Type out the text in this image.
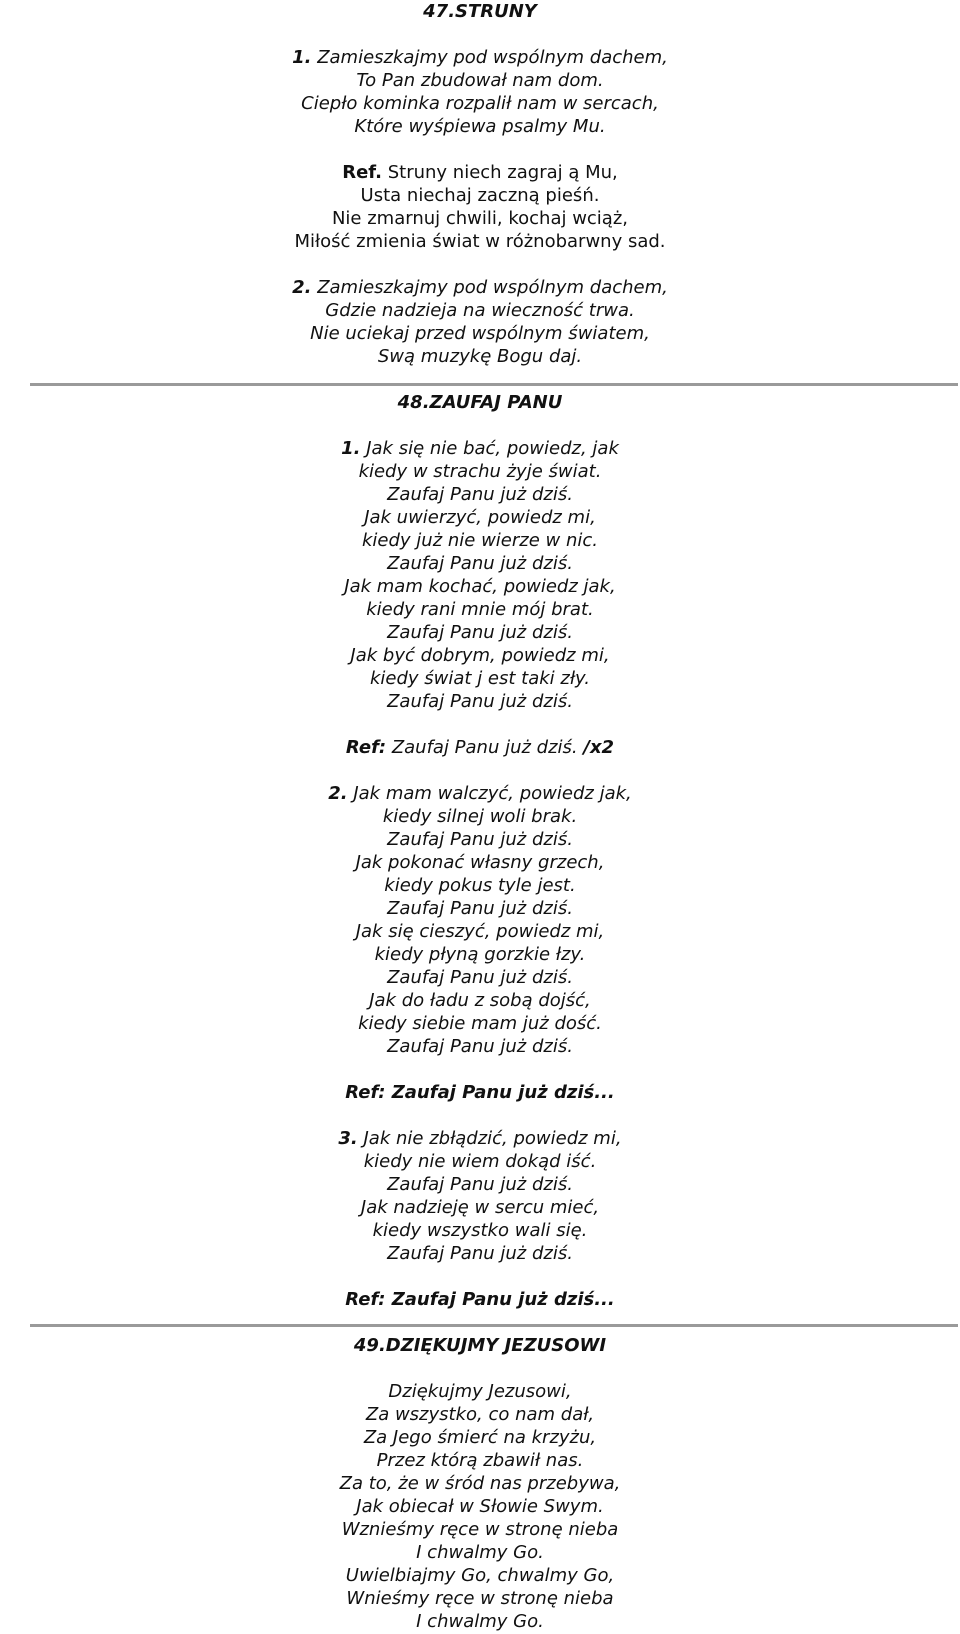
47.STRUNY
1. Zamieszkajmy pod wspólnym dachem,
To Pan zbudował nam dom.
Ciepło kominka rozpalił nam w sercach,
Które wyśpiewa psalmy Mu.
Ref. Struny niech zagraj ą Mu,
Usta niechaj zaczną pieśń.
Nie zmarnuj chwili, kochaj wciąż,
Miłość zmienia świat w różnobarwny sad.
2. Zamieszkajmy pod wspólnym dachem,
Gdzie nadzieja na wieczność trwa.
Nie uciekaj przed wspólnym światem,
Swą muzykę Bogu daj.
48.ZAUFAJ PANU
1. Jak się nie bać, powiedz, jak
kiedy w strachu żyje świat.
Zaufaj Panu już dziś.
Jak uwierzyć, powiedz mi,
kiedy już nie wierze w nic.
Zaufaj Panu już dziś.
Jak mam kochać, powiedz jak,
kiedy rani mnie mój brat.
Zaufaj Panu już dziś.
Jak być dobrym, powiedz mi,
kiedy świat j est taki zły.
Zaufaj Panu już dziś.
Ref: Zaufaj Panu już dziś. /x2
2. Jak mam walczyć, powiedz jak,
kiedy silnej woli brak.
Zaufaj Panu już dziś.
Jak pokonać własny grzech,
kiedy pokus tyle jest.
Zaufaj Panu już dziś.
Jak się cieszyć, powiedz mi,
kiedy płyną gorzkie łzy.
Zaufaj Panu już dziś.
Jak do ładu z sobą dojść,
kiedy siebie mam już dość.
Zaufaj Panu już dziś.
Ref: Zaufaj Panu już dziś...
3. Jak nie zbłądzić, powiedz mi,
kiedy nie wiem dokąd iść.
Zaufaj Panu już dziś.
Jak nadzieję w sercu mieć,
kiedy wszystko wali się.
Zaufaj Panu już dziś.
Ref: Zaufaj Panu już dziś...
49.DZIĘKUJMY JEZUSOWI
Dziękujmy Jezusowi,
Za wszystko, co nam dał,
Za Jego śmierć na krzyżu,
Przez którą zbawił nas.
Za to, że w śród nas przebywa,
Jak obiecał w Słowie Swym.
Wznieśmy ręce w stronę nieba
I chwalmy Go.
Uwielbiajmy Go, chwalmy Go,
Wnieśmy ręce w stronę nieba
I chwalmy Go.
